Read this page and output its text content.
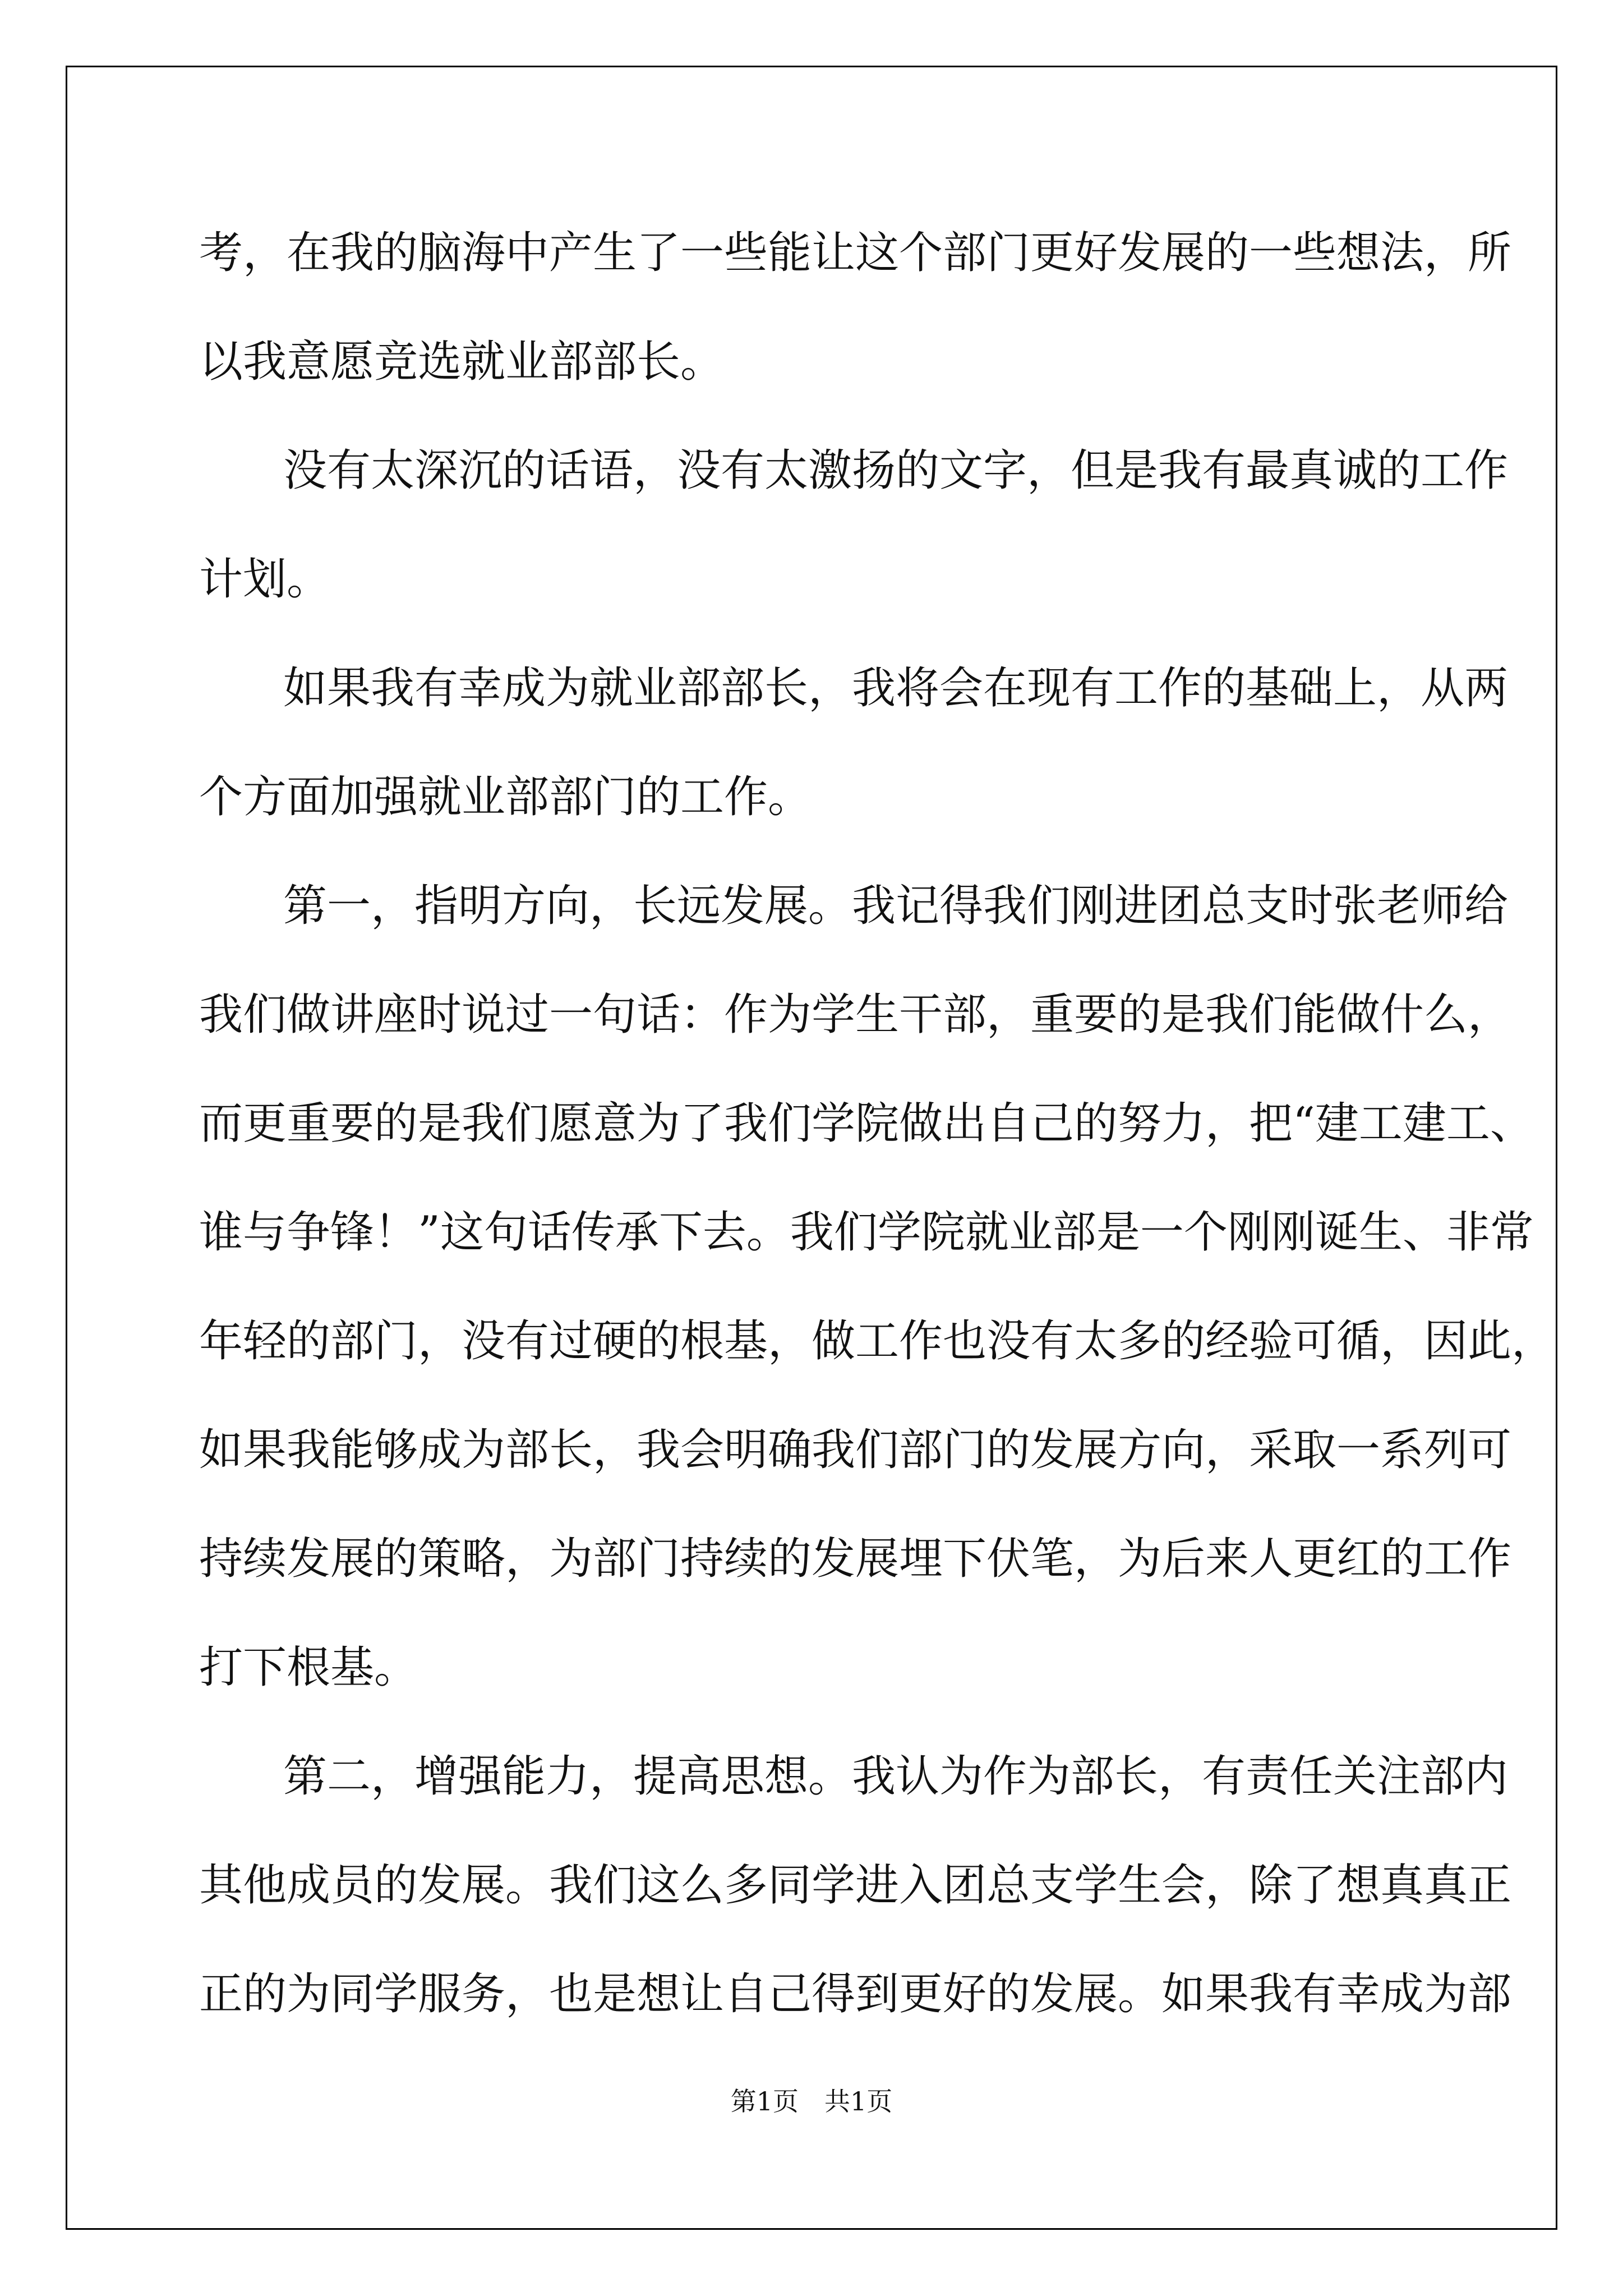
考，在我的脑海中产生了一些能让这个部门更好发展的一些想法，所
以我意愿竞选就业部部长。
没有太深沉的话语，没有太激扬的文字，但是我有最真诚的工作
计划。
如果我有幸成为就业部部长，我将会在现有工作的基础上，从两
个方面加强就业部部门的工作。
第一，指明方向，长远发展。我记得我们刚进团总支时张老师给
我们做讲座时说过一句话：作为学生干部，重要的是我们能做什么，
而更重要的是我们愿意为了我们学院做出自己的努力，把“建工建工、
谁与争锋！”这句话传承下去。我们学院就业部是一个刚刚诞生、非常
年轻的部门，没有过硬的根基，做工作也没有太多的经验可循，因此，
如果我能够成为部长，我会明确我们部门的发展方向，采取一系列可
持续发展的策略，为部门持续的发展埋下伏笔，为后来人更红的工作
打下根基。
第二，增强能力，提高思想。我认为作为部长，有责任关注部内
其他成员的发展。我们这么多同学进入团总支学生会，除了想真真正
正的为同学服务，也是想让自己得到更好的发展。如果我有幸成为部
第1页　共1页
